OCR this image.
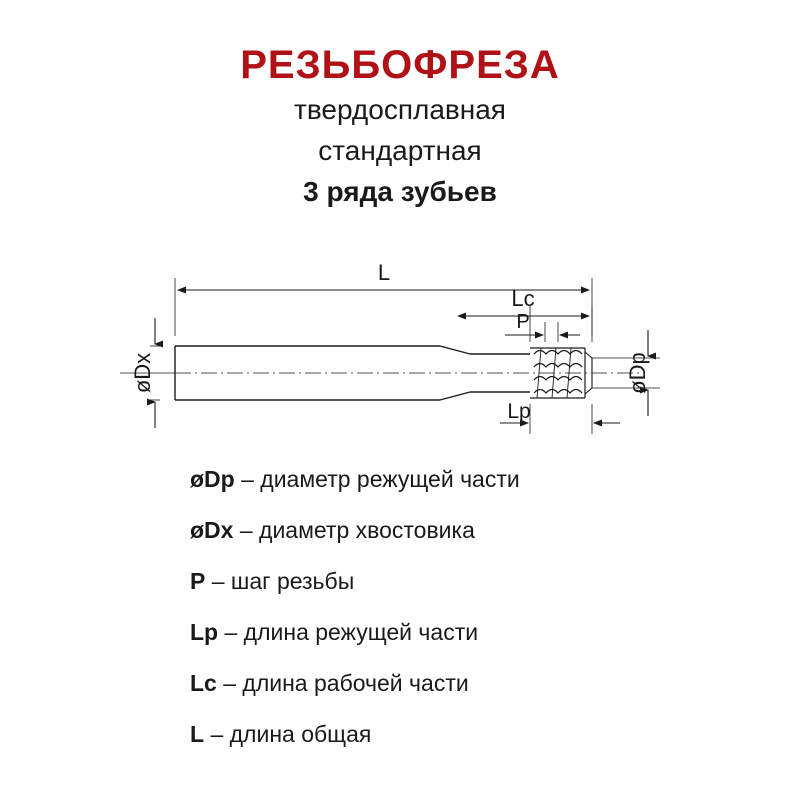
РЕЗЬБОФРЕЗА
твердосплавная
стандартная
3 ряда зубьев
L
Lc
P
Lp
øDx	øDp
øDp – диаметр режущей части
øDx – диаметр хвостовика
P – шаг резьбы
Lp – длина режущей части
Lc – длина рабочей части
L – длина общая
